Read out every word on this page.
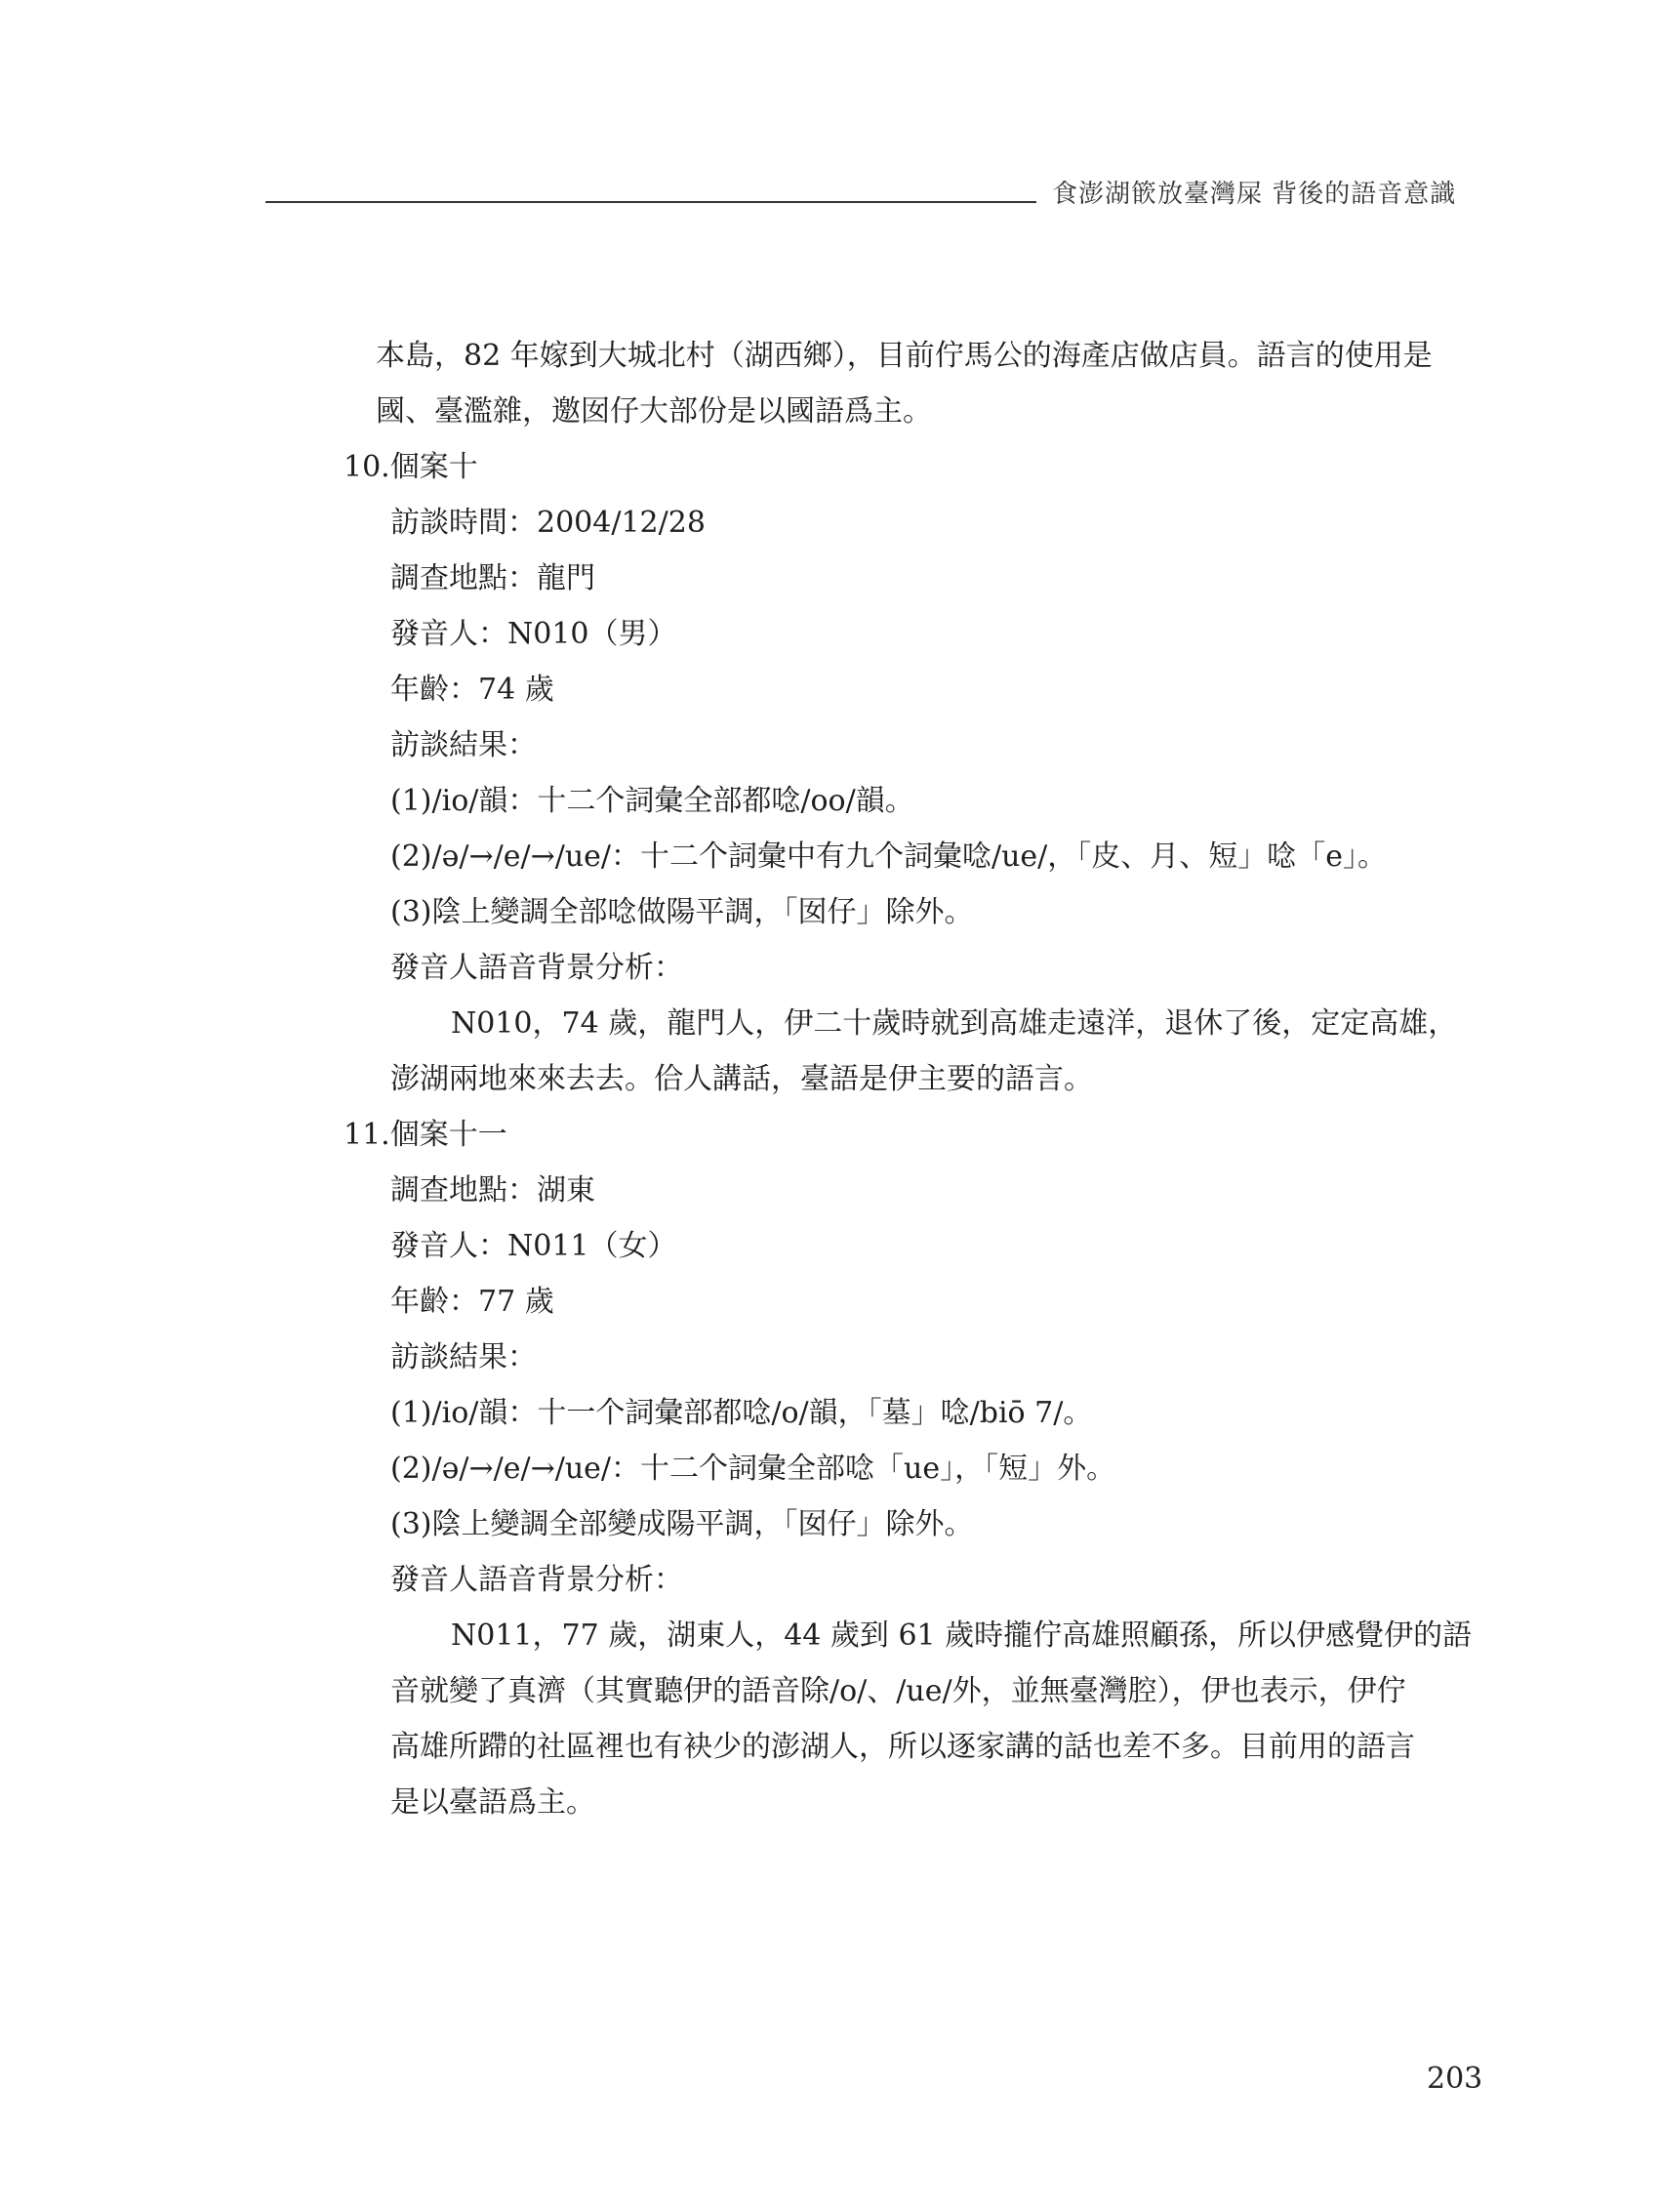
食澎湖篏放臺灣屎 背後的語音意識
本島，82 年嫁到大城北村（湖西鄉），目前佇馬公的海產店做店員。語言的使用是
國、臺濫雜，邀囡仔大部份是以國語爲主。
10.個案十
訪談時間：2004/12/28
調查地點：龍門
發音人：N010（男）
年齡：74 歲
訪談結果：
(1)/io/韻：十二个詞彙全部都唸/oo/韻。
(2)/ə/→/e/→/ue/：十二个詞彙中有九个詞彙唸/ue/，「皮、月、短」唸「e」。
(3)陰上變調全部唸做陽平調，「囡仔」除外。
發音人語音背景分析：
N010，74 歲，龍門人，伊二十歲時就到高雄走遠洋，退休了後，定定高雄，
澎湖兩地來來去去。佮人講話，臺語是伊主要的語言。
11.個案十一
調查地點：湖東
發音人：N011（女）
年齡：77 歲
訪談結果：
(1)/io/韻：十一个詞彙部都唸/o/韻，「墓」唸/biō 7/。
(2)/ə/→/e/→/ue/：十二个詞彙全部唸「ue」，「短」外。
(3)陰上變調全部變成陽平調，「囡仔」除外。
發音人語音背景分析：
N011，77 歲，湖東人，44 歲到 61 歲時攏佇高雄照顧孫，所以伊感覺伊的語
音就變了真濟（其實聽伊的語音除/o/、/ue/外，並無臺灣腔），伊也表示，伊佇
高雄所蹛的社區裡也有袂少的澎湖人，所以逐家講的話也差不多。目前用的語言
是以臺語爲主。
203
